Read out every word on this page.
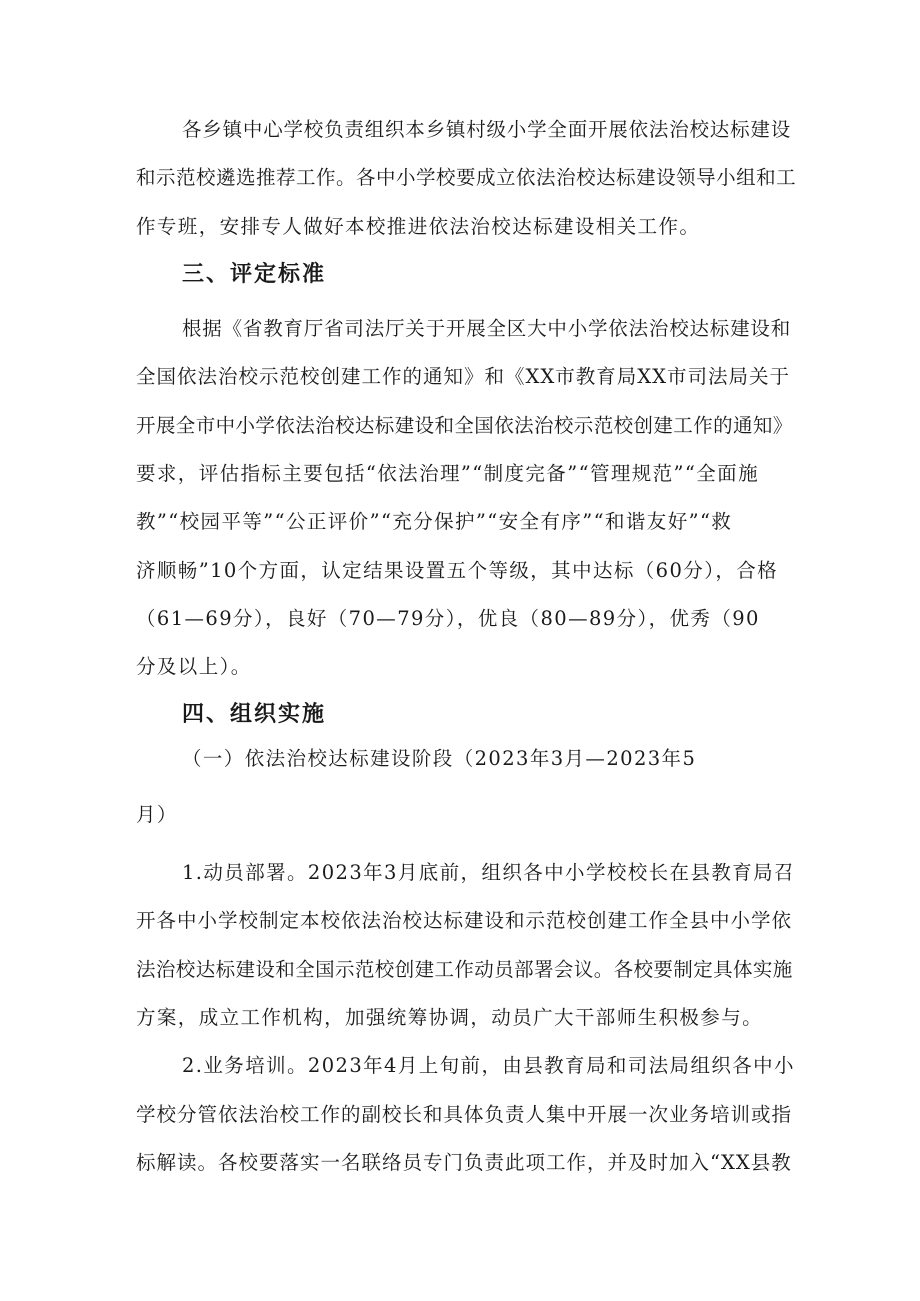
各乡镇中心学校负责组织本乡镇村级小学全面开展依法治校达标建设
和示范校遴选推荐工作。各中小学校要成立依法治校达标建设领导小组和工
作专班，安排专人做好本校推进依法治校达标建设相关工作。
三、评定标准
根据《省教育厅省司法厅关于开展全区大中小学依法治校达标建设和
全国依法治校示范校创建工作的通知》和《XX市教育局XX市司法局关于
开展全市中小学依法治校达标建设和全国依法治校示范校创建工作的通知》
要求，评估指标主要包括“依法治理”“制度完备”“管理规范”“全面施
教”“校园平等”“公正评价”“充分保护”“安全有序”“和谐友好”“救
济顺畅”10个方面，认定结果设置五个等级，其中达标（60分），合格
（61—69分），良好（70—79分），优良（80—89分），优秀（90
分及以上）。
四、组织实施
（一）依法治校达标建设阶段（2023年3月—2023年5
月）
1.动员部署。2023年3月底前，组织各中小学校校长在县教育局召
开各中小学校制定本校依法治校达标建设和示范校创建工作全县中小学依
法治校达标建设和全国示范校创建工作动员部署会议。各校要制定具体实施
方案，成立工作机构，加强统筹协调，动员广大干部师生积极参与。
2.业务培训。2023年4月上旬前，由县教育局和司法局组织各中小
学校分管依法治校工作的副校长和具体负责人集中开展一次业务培训或指
标解读。各校要落实一名联络员专门负责此项工作，并及时加入“XX县教
